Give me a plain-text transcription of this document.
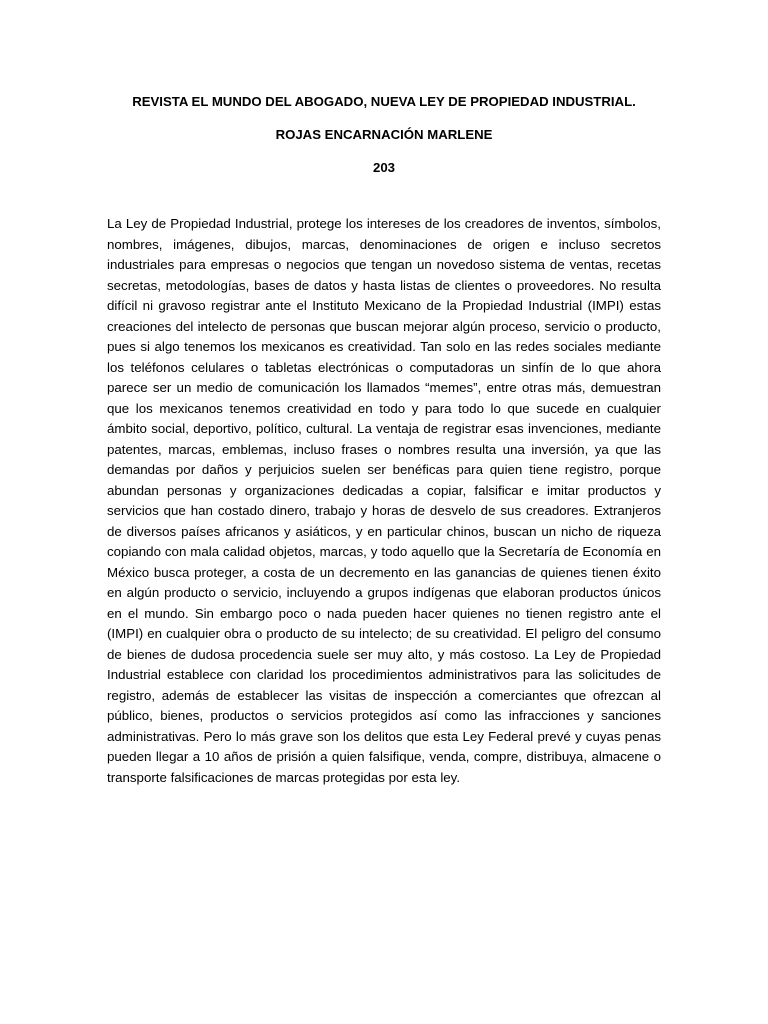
REVISTA EL MUNDO DEL ABOGADO, NUEVA LEY DE PROPIEDAD INDUSTRIAL.
ROJAS ENCARNACIÓN MARLENE
203

La Ley de Propiedad Industrial, protege los intereses de los creadores de inventos, símbolos, nombres, imágenes, dibujos, marcas, denominaciones de origen e incluso secretos industriales para empresas o negocios que tengan un novedoso sistema de ventas, recetas secretas, metodologías, bases de datos y hasta listas de clientes o proveedores. No resulta difícil ni gravoso registrar ante el Instituto Mexicano de la Propiedad Industrial (IMPI) estas creaciones del intelecto de personas que buscan mejorar algún proceso, servicio o producto, pues si algo tenemos los mexicanos es creatividad. Tan solo en las redes sociales mediante los teléfonos celulares o tabletas electrónicas o computadoras un sinfín de lo que ahora parece ser un medio de comunicación los llamados “memes”, entre otras más, demuestran que los mexicanos tenemos creatividad en todo y para todo lo que sucede en cualquier ámbito social, deportivo, político, cultural. La ventaja de registrar esas invenciones, mediante patentes, marcas, emblemas, incluso frases o nombres resulta una inversión, ya que las demandas por daños y perjuicios suelen ser benéficas para quien tiene registro, porque abundan personas y organizaciones dedicadas a copiar, falsificar e imitar productos y servicios que han costado dinero, trabajo y horas de desvelo de sus creadores. Extranjeros de diversos países africanos y asiáticos, y en particular chinos, buscan un nicho de riqueza copiando con mala calidad objetos, marcas, y todo aquello que la Secretaría de Economía en México busca proteger, a costa de un decremento en las ganancias de quienes tienen éxito en algún producto o servicio, incluyendo a grupos indígenas que elaboran productos únicos en el mundo. Sin embargo poco o nada pueden hacer quienes no tienen registro ante el (IMPI) en cualquier obra o producto de su intelecto; de su creatividad. El peligro del consumo de bienes de dudosa procedencia suele ser muy alto, y más costoso. La Ley de Propiedad Industrial establece con claridad los procedimientos administrativos para las solicitudes de registro, además de establecer las visitas de inspección a comerciantes que ofrezcan al público, bienes, productos o servicios protegidos así como las infracciones y sanciones administrativas. Pero lo más grave son los delitos que esta Ley Federal prevé y cuyas penas pueden llegar a 10 años de prisión a quien falsifique, venda, compre, distribuya, almacene o transporte falsificaciones de marcas protegidas por esta ley.
